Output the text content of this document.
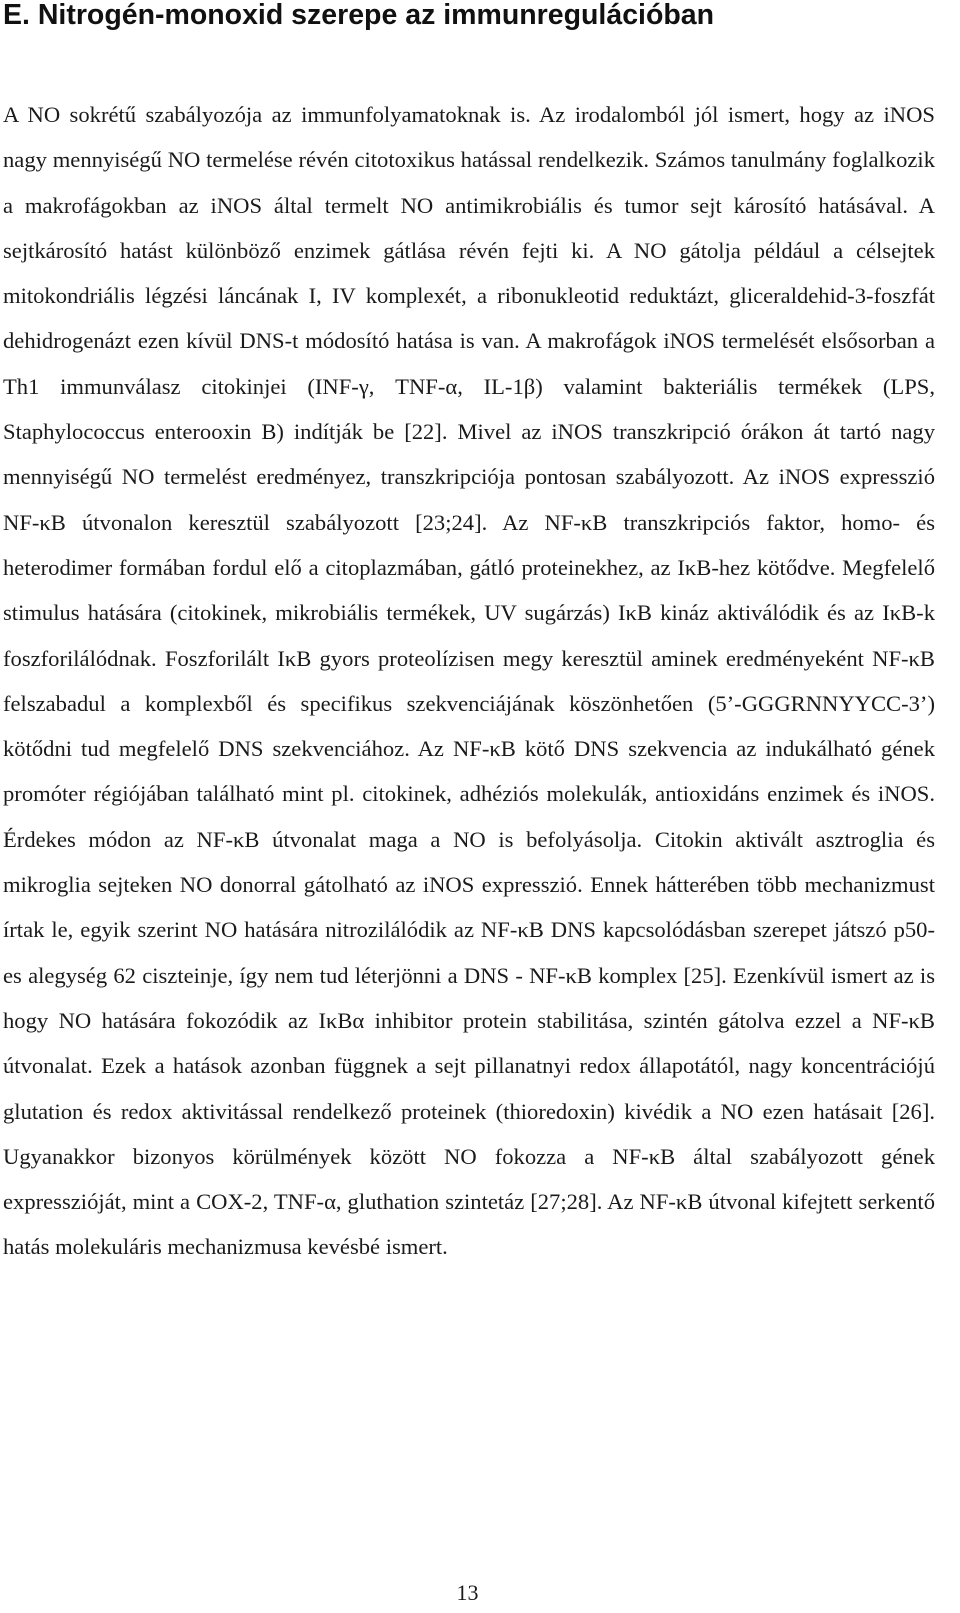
E. Nitrogén-monoxid szerepe az immunregulációban

A NO sokrétű szabályozója az immunfolyamatoknak is. Az irodalomból jól ismert, hogy az iNOS nagy mennyiségű NO termelése révén citotoxikus hatással rendelkezik. Számos tanulmány foglalkozik a makrofágokban az iNOS által termelt NO antimikrobiális és tumor sejt károsító hatásával. A sejtkárosító hatást különböző enzimek gátlása révén fejti ki. A NO gátolja például a célsejtek mitokondriális légzési láncának I, IV komplexét, a ribonukleotid reduktázt, gliceraldehid-3-foszfát dehidrogenázt ezen kívül DNS-t módosító hatása is van. A makrofágok iNOS termelését elsősorban a Th1 immunválasz citokinjei (INF-γ, TNF-α, IL-1β) valamint bakteriális termékek (LPS, Staphylococcus enterooxin B) indítják be [22]. Mivel az iNOS transzkripció órákon át tartó nagy mennyiségű NO termelést eredményez, transzkripciója pontosan szabályozott. Az iNOS expresszió NF-κB útvonalon keresztül szabályozott [23;24]. Az NF-κB transzkripciós faktor, homo- és heterodimer formában fordul elő a citoplazmában, gátló proteinekhez, az IκB-hez kötődve. Megfelelő stimulus hatására (citokinek, mikrobiális termékek, UV sugárzás) IκB kináz aktiválódik és az IκB-k foszforilálódnak. Foszforilált IκB gyors proteolízisen megy keresztül aminek eredményeként NF-κB felszabadul a komplexből és specifikus szekvenciájának köszönhetően (5’-GGGRNNYYCC-3’) kötődni tud megfelelő DNS szekvenciához. Az NF-κB kötő DNS szekvencia az indukálható gének promóter régiójában található mint pl. citokinek, adhéziós molekulák, antioxidáns enzimek és iNOS. Érdekes módon az NF-κB útvonalat maga a NO is befolyásolja. Citokin aktivált asztroglia és mikroglia sejteken NO donorral gátolható az iNOS expresszió. Ennek hátterében több mechanizmust írtak le, egyik szerint NO hatására nitrozilálódik az NF-κB DNS kapcsolódásban szerepet játszó p50-es alegység 62 ciszteinje, így nem tud léterjönni a DNS - NF-κB komplex [25]. Ezenkívül ismert az is hogy NO hatására fokozódik az IκBα inhibitor protein stabilitása, szintén gátolva ezzel a NF-κB útvonalat. Ezek a hatások azonban függnek a sejt pillanatnyi redox állapotától, nagy koncentrációjú glutation és redox aktivitással rendelkező proteinek (thioredoxin) kivédik a NO ezen hatásait [26]. Ugyanakkor bizonyos körülmények között NO fokozza a NF-κB által szabályozott gének expresszióját, mint a COX-2, TNF-α, gluthation szintetáz [27;28]. Az NF-κB útvonal kifejtett serkentő hatás molekuláris mechanizmusa kevésbé ismert.

13
